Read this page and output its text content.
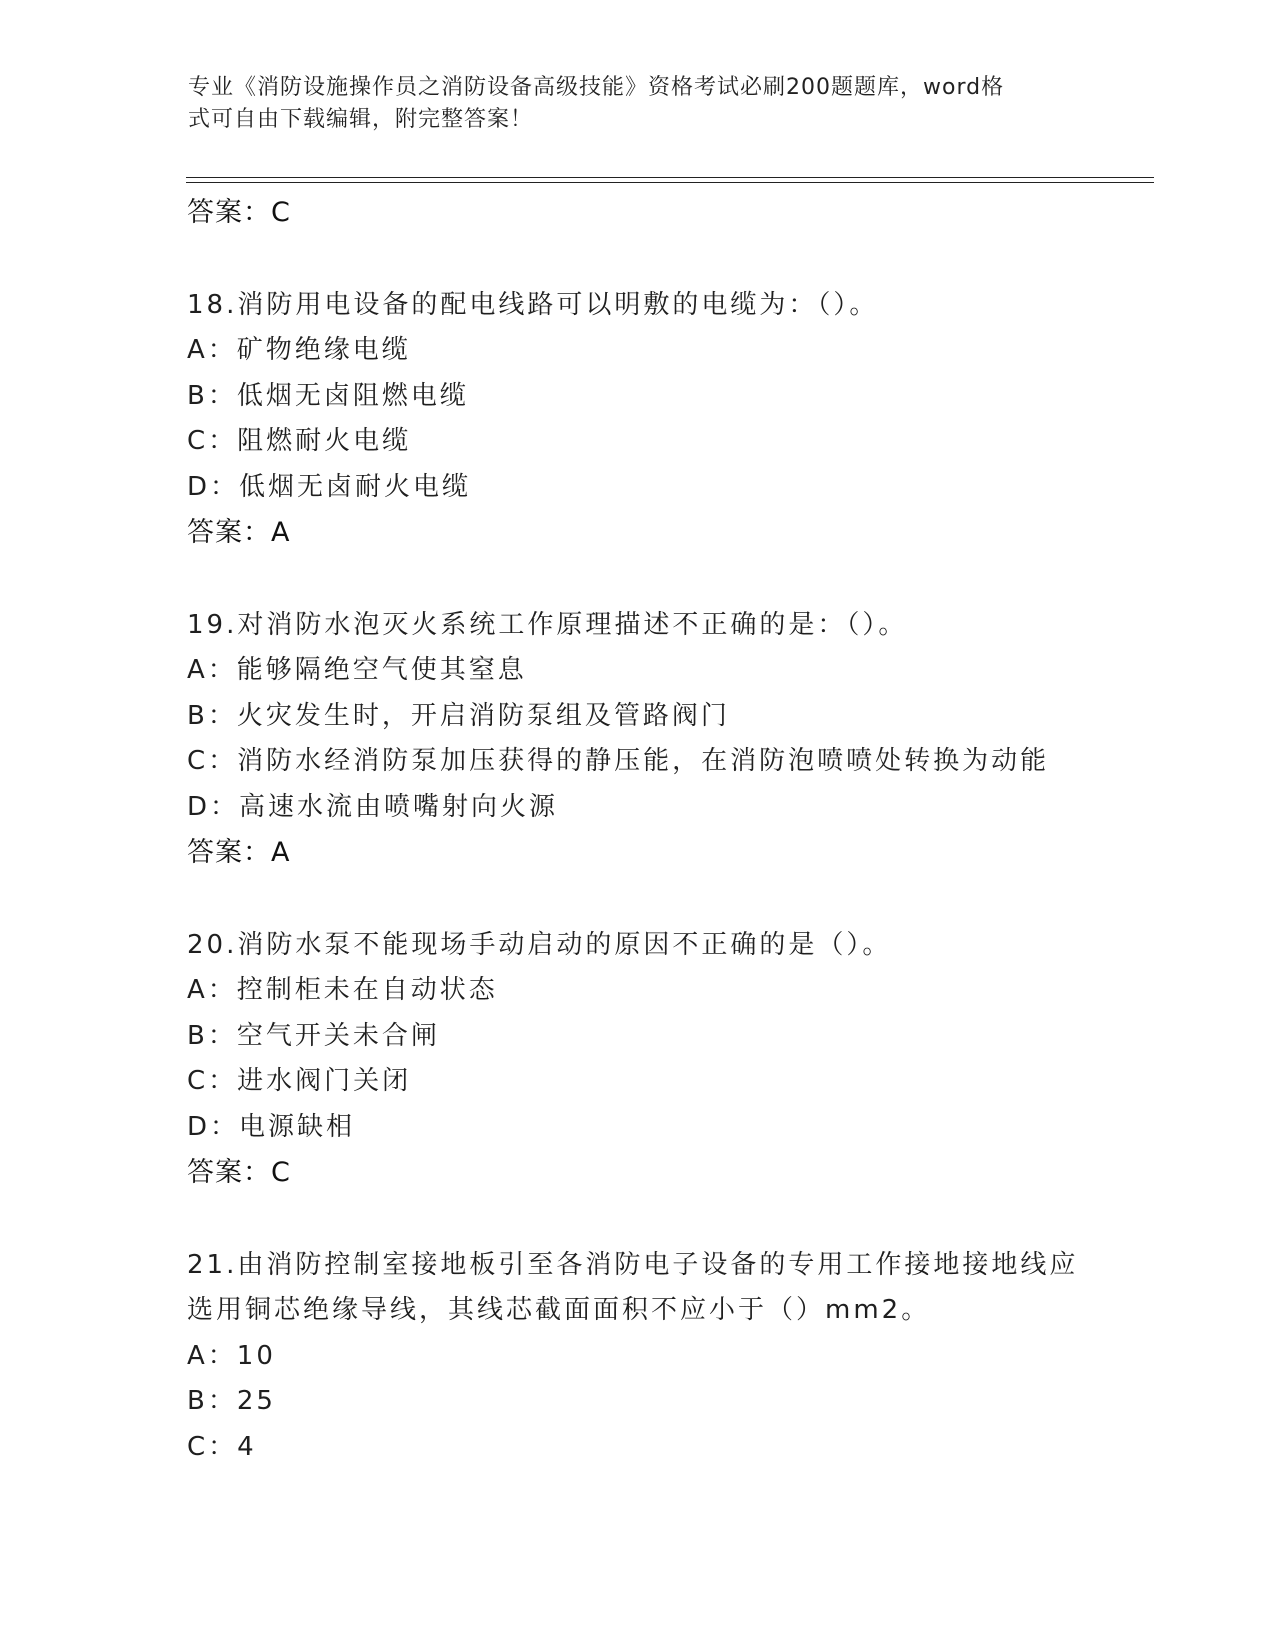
专业《消防设施操作员之消防设备高级技能》资格考试必刷200题题库，word格
式可自由下载编辑，附完整答案！
答案：C
18.消防用电设备的配电线路可以明敷的电缆为：（）。
A：矿物绝缘电缆
B：低烟无卤阻燃电缆
C：阻燃耐火电缆
D：低烟无卤耐火电缆
答案：A
19.对消防水泡灭火系统工作原理描述不正确的是：（）。
A：能够隔绝空气使其窒息
B：火灾发生时，开启消防泵组及管路阀门
C：消防水经消防泵加压获得的静压能，在消防泡喷喷处转换为动能
D：高速水流由喷嘴射向火源
答案：A
20.消防水泵不能现场手动启动的原因不正确的是（）。
A：控制柜未在自动状态
B：空气开关未合闸
C：进水阀门关闭
D：电源缺相
答案：C
21.由消防控制室接地板引至各消防电子设备的专用工作接地接地线应
选用铜芯绝缘导线，其线芯截面面积不应小于（）mm2。
A：10
B：25
C：4
